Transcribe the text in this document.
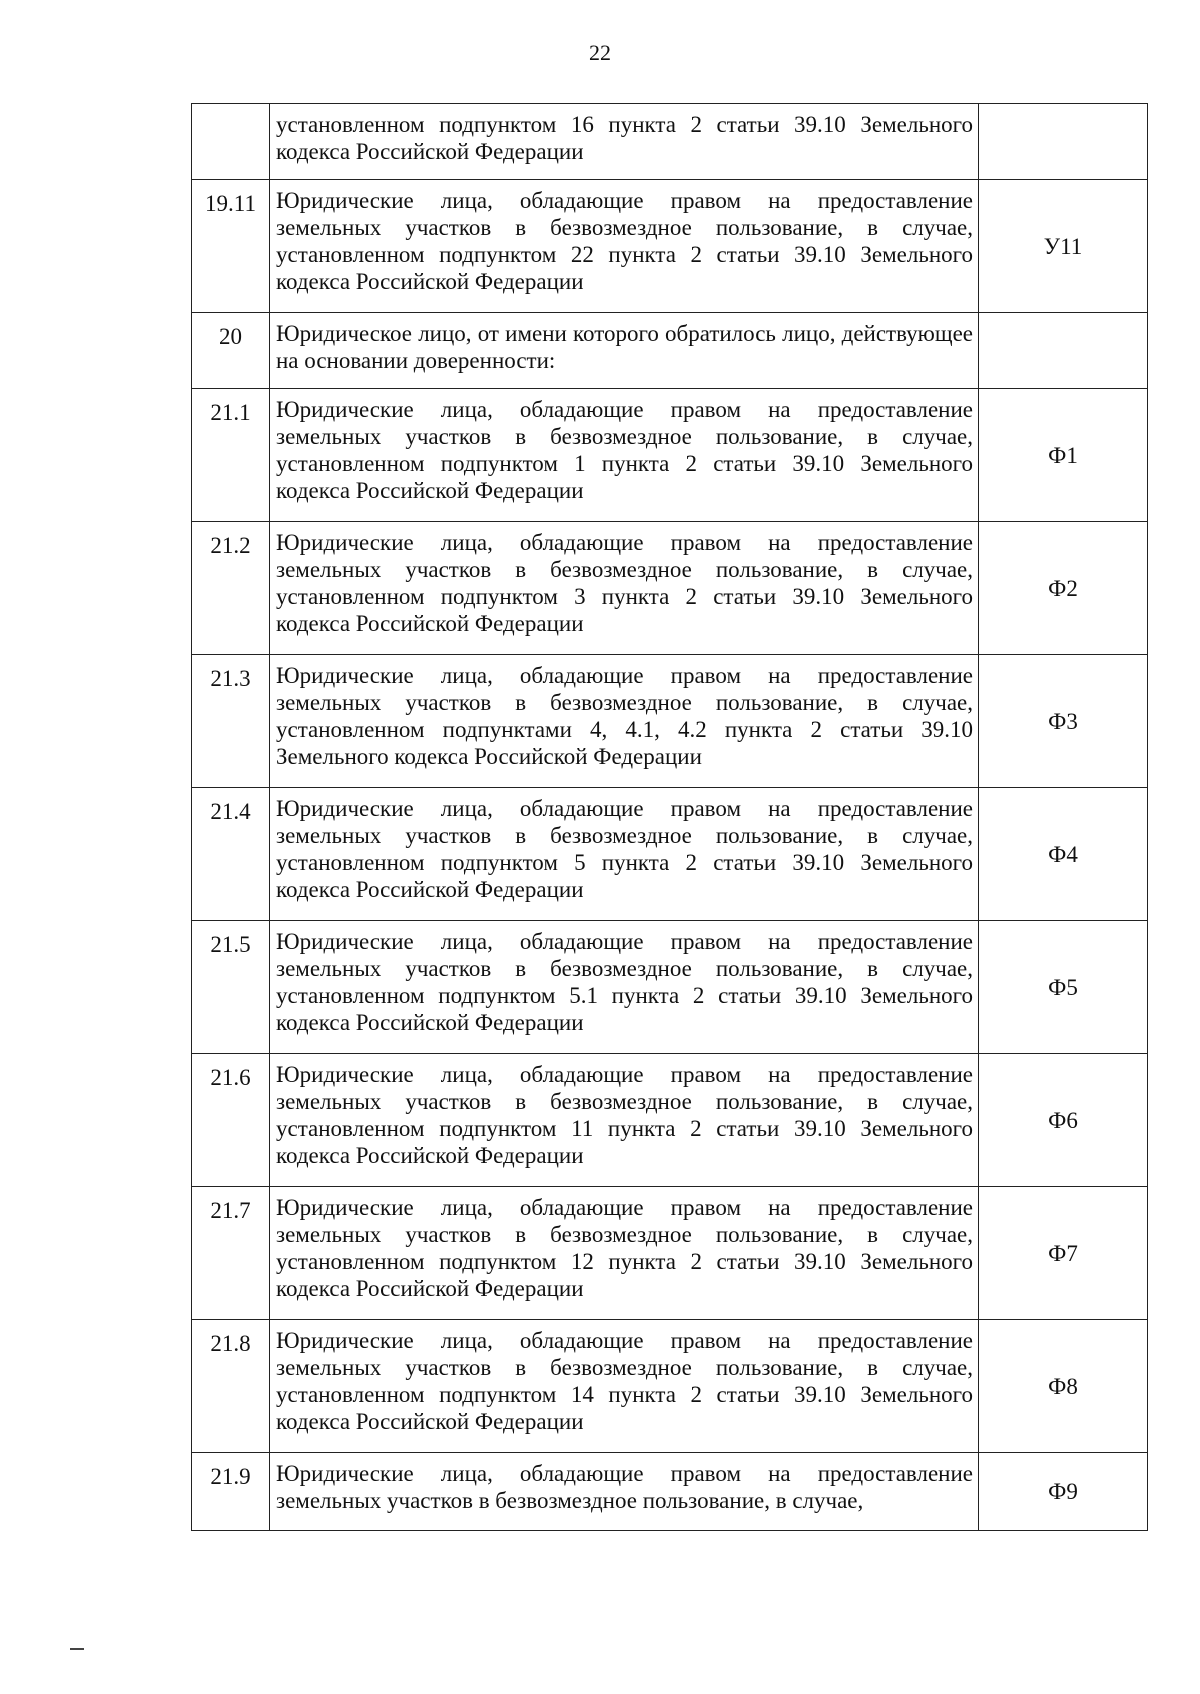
22
	установленном подпунктом 16 пункта 2 статьи 39.10 Земельного кодекса Российской Федерации	
19.11	Юридические лица, обладающие правом на предоставление земельных участков в безвозмездное пользование, в случае, установленном подпунктом 22 пункта 2 статьи 39.10 Земельного кодекса Российской Федерации	У11
20	Юридическое лицо, от имени которого обратилось лицо, действующее на основании доверенности:	
21.1	Юридические лица, обладающие правом на предоставление земельных участков в безвозмездное пользование, в случае, установленном подпунктом 1 пункта 2 статьи 39.10 Земельного кодекса Российской Федерации	Ф1
21.2	Юридические лица, обладающие правом на предоставление земельных участков в безвозмездное пользование, в случае, установленном подпунктом 3 пункта 2 статьи 39.10 Земельного кодекса Российской Федерации	Ф2
21.3	Юридические лица, обладающие правом на предоставление земельных участков в безвозмездное пользование, в случае, установленном подпунктами 4, 4.1, 4.2 пункта 2 статьи 39.10 Земельного кодекса Российской Федерации	Ф3
21.4	Юридические лица, обладающие правом на предоставление земельных участков в безвозмездное пользование, в случае, установленном подпунктом 5 пункта 2 статьи 39.10 Земельного кодекса Российской Федерации	Ф4
21.5	Юридические лица, обладающие правом на предоставление земельных участков в безвозмездное пользование, в случае, установленном подпунктом 5.1 пункта 2 статьи 39.10 Земельного кодекса Российской Федерации	Ф5
21.6	Юридические лица, обладающие правом на предоставление земельных участков в безвозмездное пользование, в случае, установленном подпунктом 11 пункта 2 статьи 39.10 Земельного кодекса Российской Федерации	Ф6
21.7	Юридические лица, обладающие правом на предоставление земельных участков в безвозмездное пользование, в случае, установленном подпунктом 12 пункта 2 статьи 39.10 Земельного кодекса Российской Федерации	Ф7
21.8	Юридические лица, обладающие правом на предоставление земельных участков в безвозмездное пользование, в случае, установленном подпунктом 14 пункта 2 статьи 39.10 Земельного кодекса Российской Федерации	Ф8
21.9	Юридические лица, обладающие правом на предоставление земельных участков в безвозмездное пользование, в случае,	Ф9
